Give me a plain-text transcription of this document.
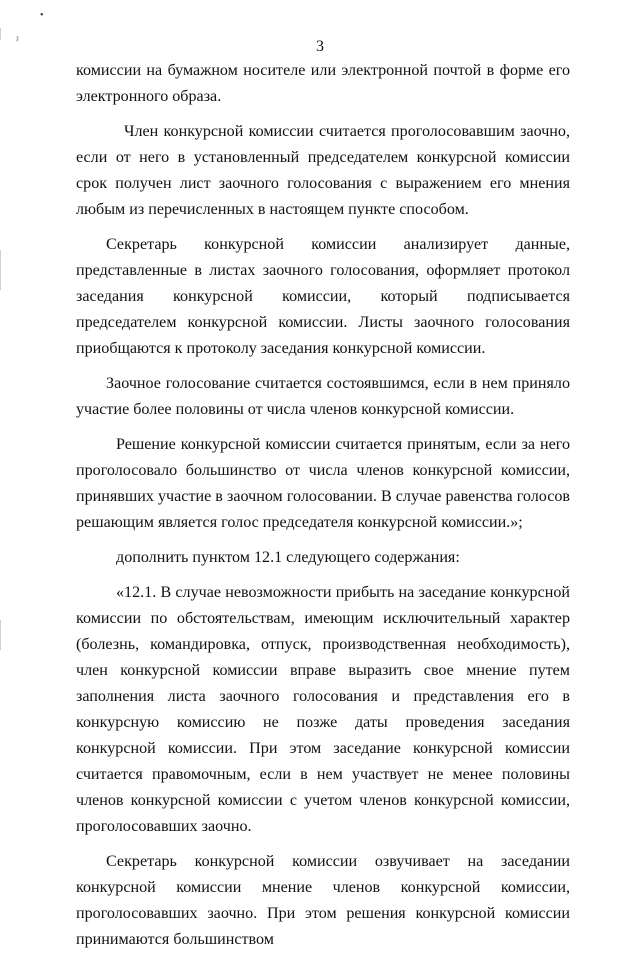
•
ˀ	3

комиссии на бумажном носителе или электронной почтой в форме его электронного образа.

Член конкурсной комиссии считается проголосовавшим заочно, если от него в установленный председателем конкурсной комиссии срок получен лист заочного голосования с выражением его мнения любым из перечисленных в настоящем пункте способом.

Секретарь конкурсной комиссии анализирует данные, представленные в листах заочного голосования, оформляет протокол заседания конкурсной комиссии, который подписывается председателем конкурсной комиссии. Листы заочного голосования приобщаются к протоколу заседания конкурсной комиссии.

Заочное голосование считается состоявшимся, если в нем приняло участие более половины от числа членов конкурсной комиссии.

Решение конкурсной комиссии считается принятым, если за него проголосовало большинство от числа членов конкурсной комиссии, принявших участие в заочном голосовании. В случае равенства голосов решающим является голос председателя конкурсной комиссии.»;

дополнить пунктом 12.1 следующего содержания:

«12.1. В случае невозможности прибыть на заседание конкурсной комиссии по обстоятельствам, имеющим исключительный характер (болезнь, командировка, отпуск, производственная необходимость), член конкурсной комиссии вправе выразить свое мнение путем заполнения листа заочного голосования и представления его в конкурсную комиссию не позже даты проведения заседания конкурсной комиссии. При этом заседание конкурсной комиссии считается правомочным, если в нем участвует не менее половины членов конкурсной комиссии с учетом членов конкурсной комиссии, проголосовавших заочно.

Секретарь конкурсной комиссии озвучивает на заседании конкурсной комиссии мнение членов конкурсной комиссии, проголосовавших заочно. При этом решения конкурсной комиссии принимаются большинством
